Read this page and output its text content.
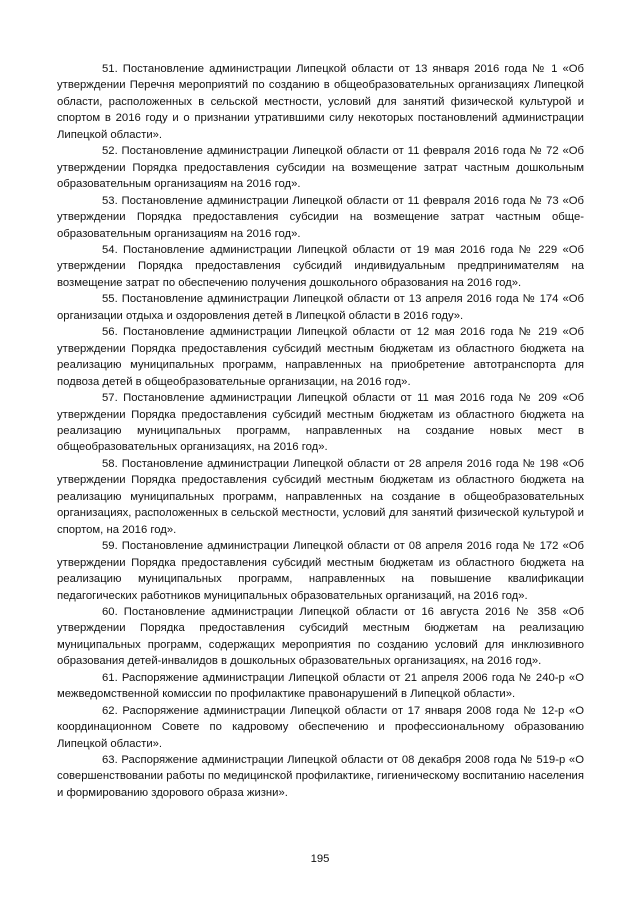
51. Постановление администрации Липецкой области от 13 января 2016 года № 1 «Об утверждении Перечня мероприятий по созданию в общеобразовательных организациях Липецкой области, расположенных в сельской местности, условий для занятий физической культурой и спортом в 2016 году и о признании утратившими силу некоторых постановлений администрации Липецкой области».

52. Постановление администрации Липецкой области от 11 февраля 2016 года № 72 «Об утверждении Порядка предоставления субсидии на возмещение затрат частным дошкольным образовательным организациям на 2016 год».

53. Постановление администрации Липецкой области от 11 февраля 2016 года № 73 «Об утверждении Порядка предоставления субсидии на возмещение затрат частным общеобразовательным организациям на 2016 год».

54. Постановление администрации Липецкой области от 19 мая 2016 года № 229 «Об утверждении Порядка предоставления субсидий индивидуальным предпринимателям на возмещение затрат по обеспечению получения дошкольного образования на 2016 год».

55. Постановление администрации Липецкой области от 13 апреля 2016 года № 174 «Об организации отдыха и оздоровления детей в Липецкой области в 2016 году».

56. Постановление администрации Липецкой области от 12 мая 2016 года № 219 «Об утверждении Порядка предоставления субсидий местным бюджетам из областного бюджета на реализацию муниципальных программ, направленных на приобретение автотранспорта для подвоза детей в общеобразовательные организации, на 2016 год».

57. Постановление администрации Липецкой области от 11 мая 2016 года № 209 «Об утверждении Порядка предоставления субсидий местным бюджетам из областного бюджета на реализацию муниципальных программ, направленных на создание новых мест в общеобразовательных организациях, на 2016 год».

58. Постановление администрации Липецкой области от 28 апреля 2016 года № 198 «Об утверждении Порядка предоставления субсидий местным бюджетам из областного бюджета на реализацию муниципальных программ, направленных на создание в общеобразовательных организациях, расположенных в сельской местности, условий для занятий физической культурой и спортом, на 2016 год».

59. Постановление администрации Липецкой области от 08 апреля 2016 года № 172 «Об утверждении Порядка предоставления субсидий местным бюджетам из областного бюджета на реализацию муниципальных программ, направленных на повышение квалификации педагогических работников муниципальных образовательных организаций, на 2016 год».

60. Постановление администрации Липецкой области от 16 августа 2016 № 358 «Об утверждении Порядка предоставления субсидий местным бюджетам на реализацию муниципальных программ, содержащих мероприятия по созданию условий для инклюзивного образования детей-инвалидов в дошкольных образовательных организациях, на 2016 год».

61. Распоряжение администрации Липецкой области от 21 апреля 2006 года № 240-р «О межведомственной комиссии по профилактике правонарушений в Липецкой области».

62. Распоряжение администрации Липецкой области от 17 января 2008 года № 12-р «О координационном Совете по кадровому обеспечению и профессиональному образованию Липецкой области».

63. Распоряжение администрации Липецкой области от 08 декабря 2008 года № 519-р «О совершенствовании работы по медицинской профилактике, гигиеническому воспитанию населения и формированию здорового образа жизни».

195
